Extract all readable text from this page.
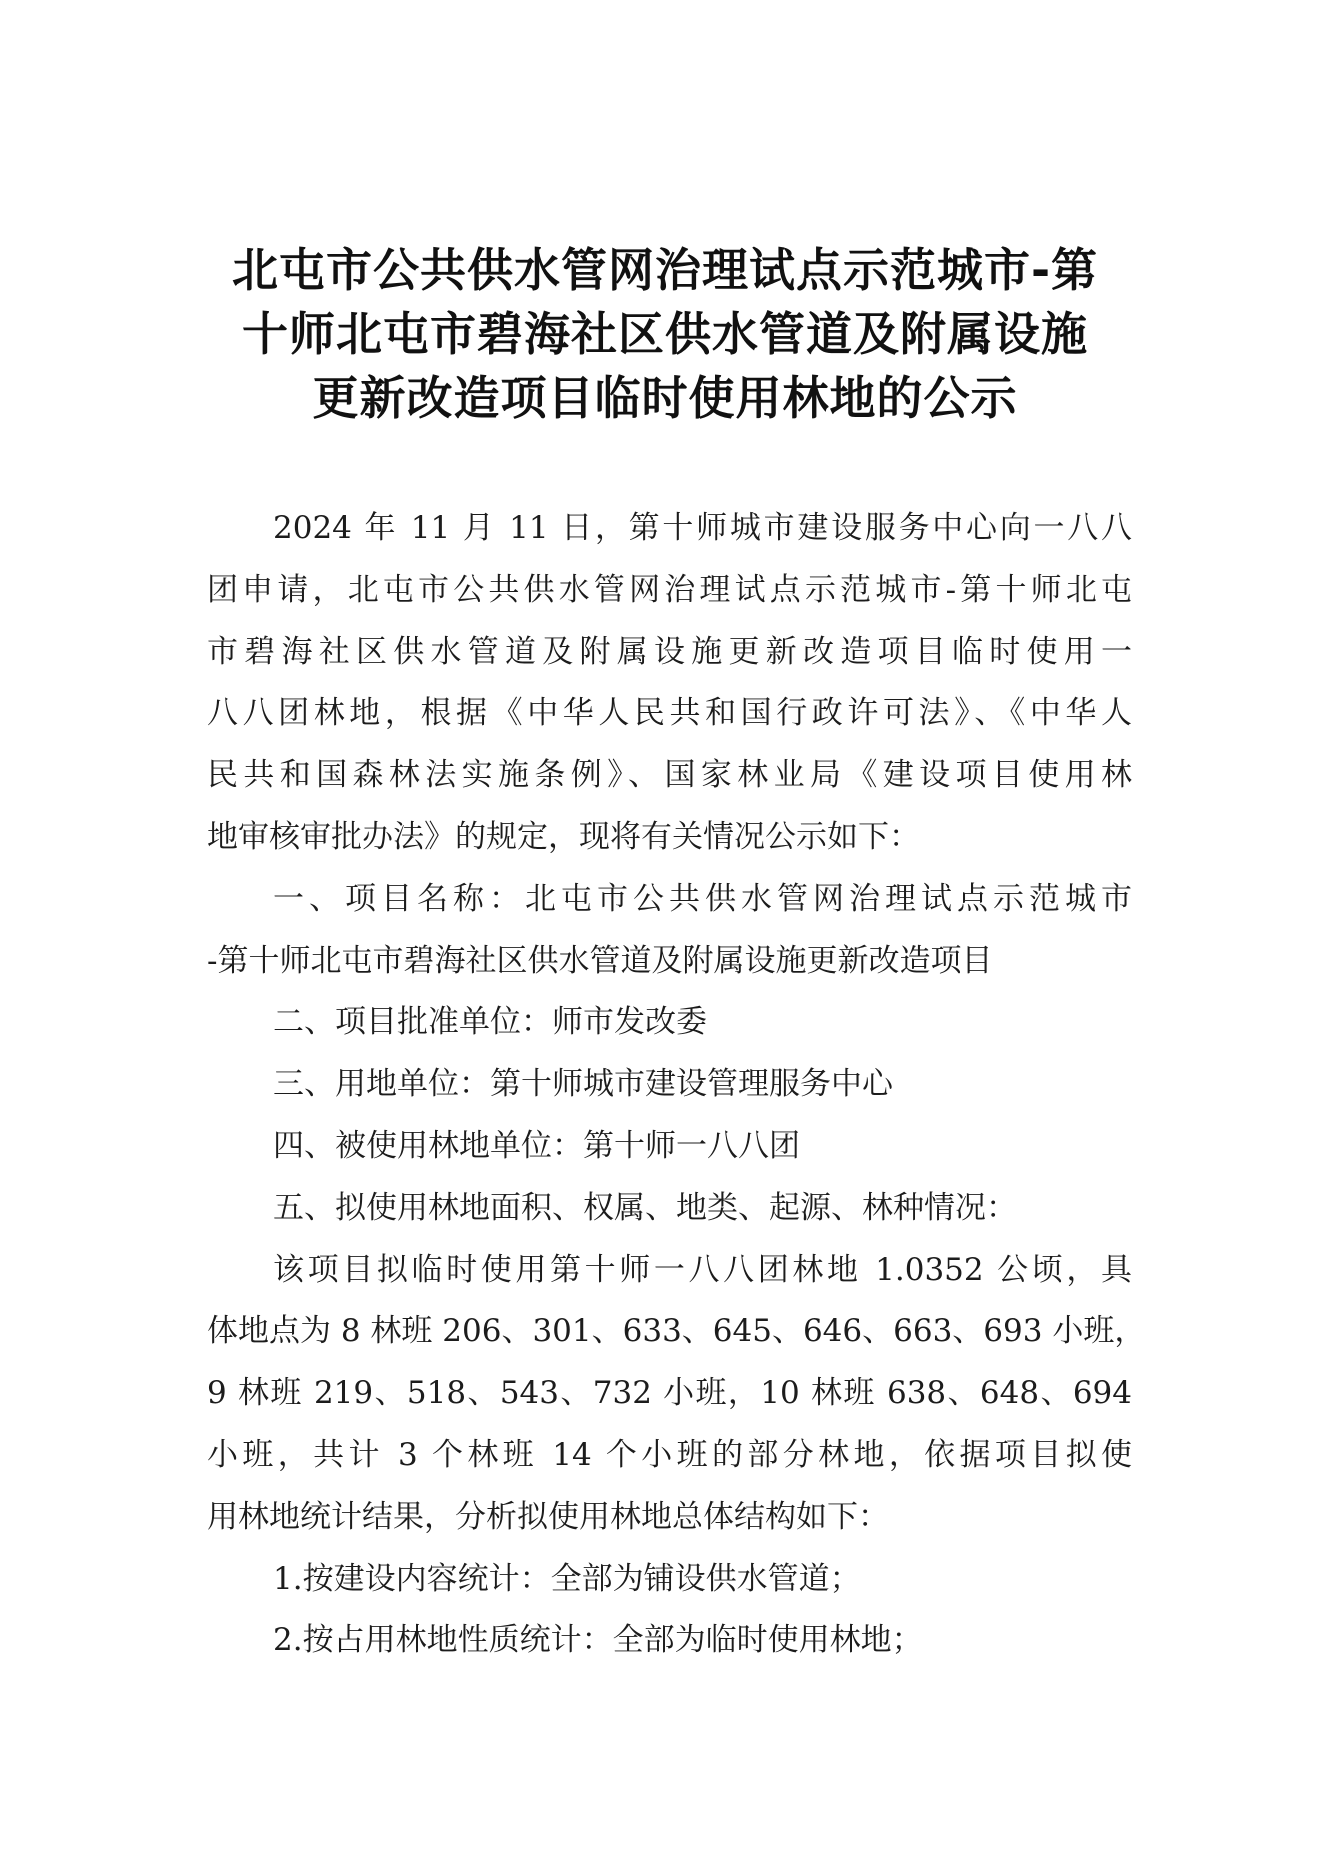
北屯市公共供水管网治理试点示范城市-第
十师北屯市碧海社区供水管道及附属设施
更新改造项目临时使用林地的公示
2024 年 11 月 11 日，第十师城市建设服务中心向一八八
团申请，北屯市公共供水管网治理试点示范城市-第十师北屯
市碧海社区供水管道及附属设施更新改造项目临时使用一
八八团林地，根据《中华人民共和国行政许可法》、《中华人
民共和国森林法实施条例》、国家林业局《建设项目使用林
地审核审批办法》的规定，现将有关情况公示如下：
一、项目名称：北屯市公共供水管网治理试点示范城市
-第十师北屯市碧海社区供水管道及附属设施更新改造项目
二、项目批准单位：师市发改委
三、用地单位：第十师城市建设管理服务中心
四、被使用林地单位：第十师一八八团
五、拟使用林地面积、权属、地类、起源、林种情况：
该项目拟临时使用第十师一八八团林地 1.0352 公顷，具
体地点为 8 林班 206、301、633、645、646、663、693 小班，
9 林班 219、518、543、732 小班，10 林班 638、648、694
小班，共计 3 个林班 14 个小班的部分林地，依据项目拟使
用林地统计结果，分析拟使用林地总体结构如下：
1.按建设内容统计：全部为铺设供水管道；
2.按占用林地性质统计：全部为临时使用林地；
